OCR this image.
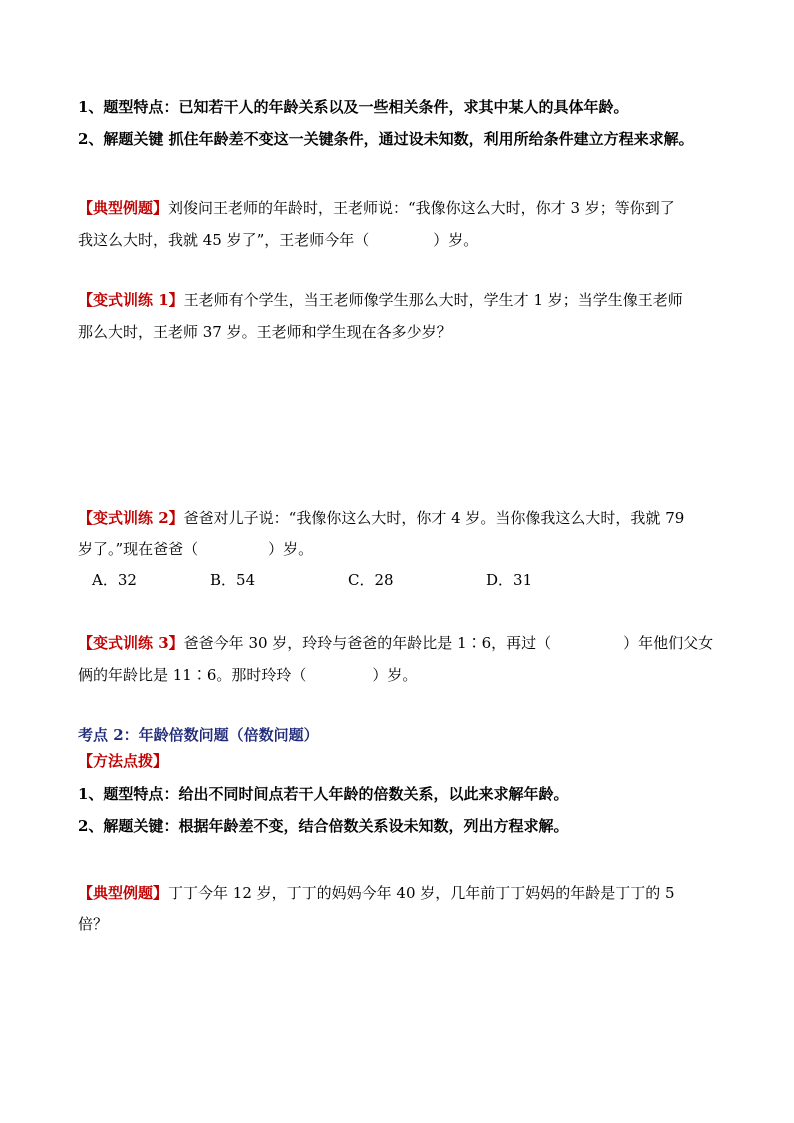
1、题型特点：已知若干人的年龄关系以及一些相关条件，求其中某人的具体年龄。
2、解题关键 抓住年龄差不变这一关键条件，通过设未知数，利用所给条件建立方程来求解。
【典型例题】刘俊问王老师的年龄时，王老师说：“我像你这么大时，你才 3 岁；等你到了
我这么大时，我就 45 岁了”，王老师今年（	）岁。
【变式训练 1】王老师有个学生，当王老师像学生那么大时，学生才 1 岁；当学生像王老师
那么大时，王老师 37 岁。王老师和学生现在各多少岁？
【变式训练 2】爸爸对儿子说：“我像你这么大时，你才 4 岁。当你像我这么大时，我就 79
岁了。”现在爸爸（	）岁。
A．32	B．54	C．28	D．31
【变式训练 3】爸爸今年 30 岁，玲玲与爸爸的年龄比是 1∶6，再过（	）年他们父女
俩的年龄比是 11∶6。那时玲玲（	）岁。
考点 2：年龄倍数问题（倍数问题）
【方法点拨】
1、题型特点：给出不同时间点若干人年龄的倍数关系，以此来求解年龄。
2、解题关键：根据年龄差不变，结合倍数关系设未知数，列出方程求解。
【典型例题】丁丁今年 12 岁，丁丁的妈妈今年 40 岁，几年前丁丁妈妈的年龄是丁丁的 5
倍？
